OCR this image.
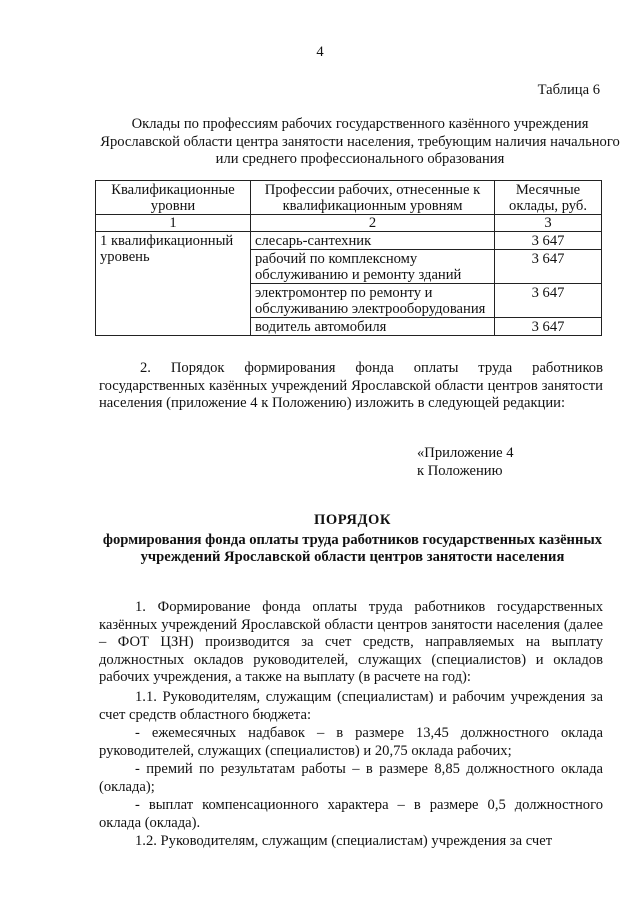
4
Таблица 6
Оклады по профессиям рабочих государственного казённого учреждения Ярославской области центра занятости населения, требующим наличия начального или среднего профессионального образования
Квалификационные уровни	Профессии рабочих, отнесенные к квалификационным уровням	Месячные оклады, руб.
1	2	3
1 квалификационный уровень	слесарь-сантехник	3 647
	рабочий по комплексному обслуживанию и ремонту зданий	3 647
	электромонтер по ремонту и обслуживанию электрооборудования	3 647
	водитель автомобиля	3 647
2. Порядок формирования фонда оплаты труда работников государственных казённых учреждений Ярославской области центров занятости населения (приложение 4 к Положению) изложить в следующей редакции:
«Приложение 4
к Положению
ПОРЯДОК
формирования фонда оплаты труда работников государственных казённых учреждений Ярославской области центров занятости населения
1. Формирование фонда оплаты труда работников государственных казённых учреждений Ярославской области центров занятости населения (далее – ФОТ ЦЗН) производится за счет средств, направляемых на выплату должностных окладов руководителей, служащих (специалистов) и окладов рабочих учреждения, а также на выплату (в расчете на год):
1.1. Руководителям, служащим (специалистам) и рабочим учреждения за счет средств областного бюджета:
- ежемесячных надбавок – в размере 13,45 должностного оклада руководителей, служащих (специалистов) и 20,75 оклада рабочих;
- премий по результатам работы – в размере 8,85 должностного оклада (оклада);
- выплат компенсационного характера – в размере 0,5 должностного оклада (оклада).
1.2. Руководителям, служащим (специалистам) учреждения за счет
